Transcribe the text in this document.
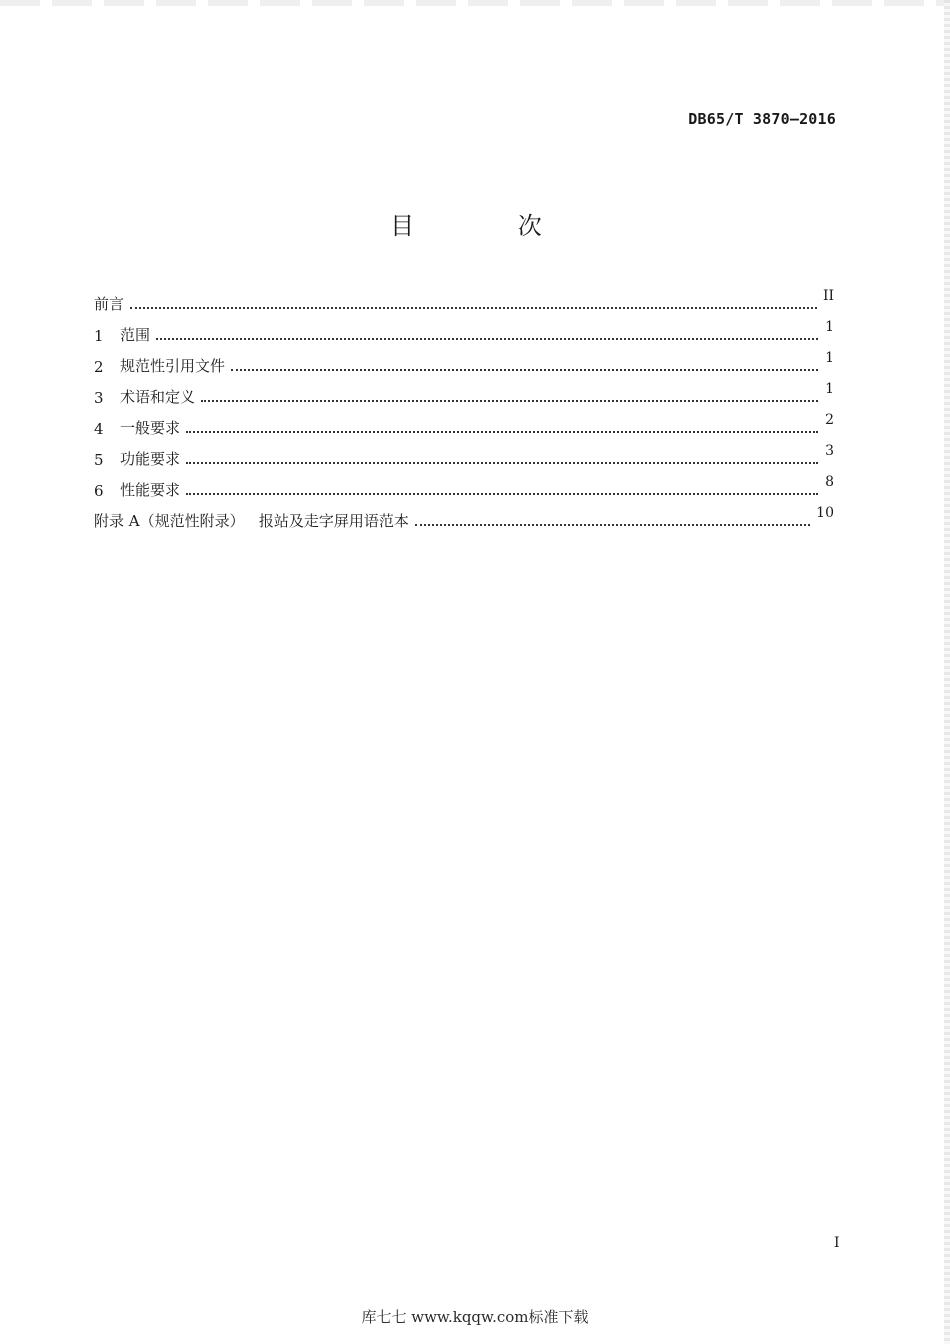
DB65/T 3870—2016
目 次
前言	II
1	范围	1
2	规范性引用文件	1
3	术语和定义	1
4	一般要求	2
5	功能要求	3
6	性能要求	8
附录 A（规范性附录）   报站及走字屏用语范本	10
I
库七七 www.kqqw.com标准下载
